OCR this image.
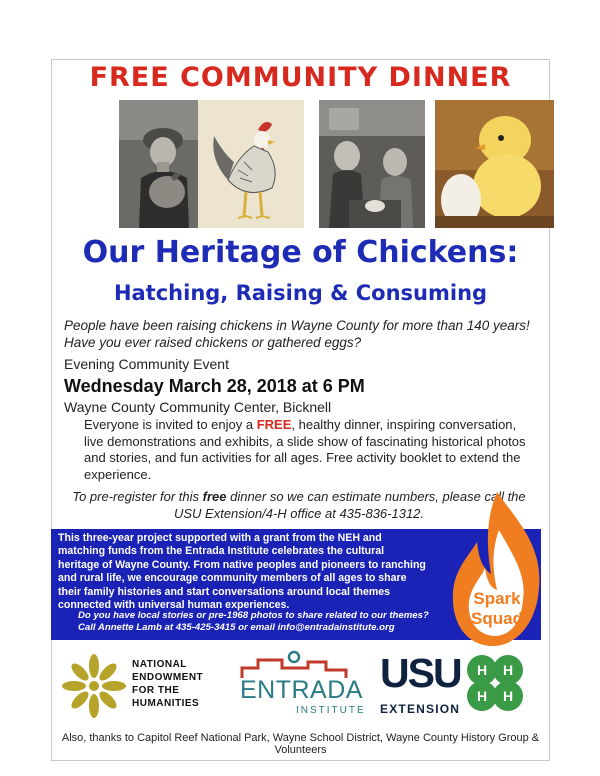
FREE COMMUNITY DINNER
Our Heritage of Chickens:
Hatching, Raising & Consuming
People have been raising chickens in Wayne County for more than 140 years! Have you ever raised chickens or gathered eggs?
Evening Community Event
Wednesday March 28, 2018 at 6 PM
Wayne County Community Center, Bicknell
Everyone is invited to enjoy a FREE, healthy dinner, inspiring conversation, live demonstrations and exhibits, a slide show of fascinating historical photos and stories, and fun activities for all ages. Free activity booklet to extend the experience.
To pre-register for this free dinner so we can estimate numbers, please call the USU Extension/4-H office at 435-836-1312.
This three-year project supported with a grant from the NEH and matching funds from the Entrada Institute celebrates the cultural heritage of Wayne County. From native peoples and pioneers to ranching and rural life, we encourage community members of all ages to share their family histories and start conversations around local themes connected with universal human experiences.
Do you have local stories or pre-1968 photos to share related to our themes? Call Annette Lamb at 435-425-3415 or email info@entradainstitute.org
Spark
Squad
NATIONAL
ENDOWMENT
FOR THE
HUMANITIES ENTRADA
INSTITUTE
USU
EXTENSION
H H
H H
Also, thanks to Capitol Reef National Park, Wayne School District, Wayne County History Group & Volunteers
